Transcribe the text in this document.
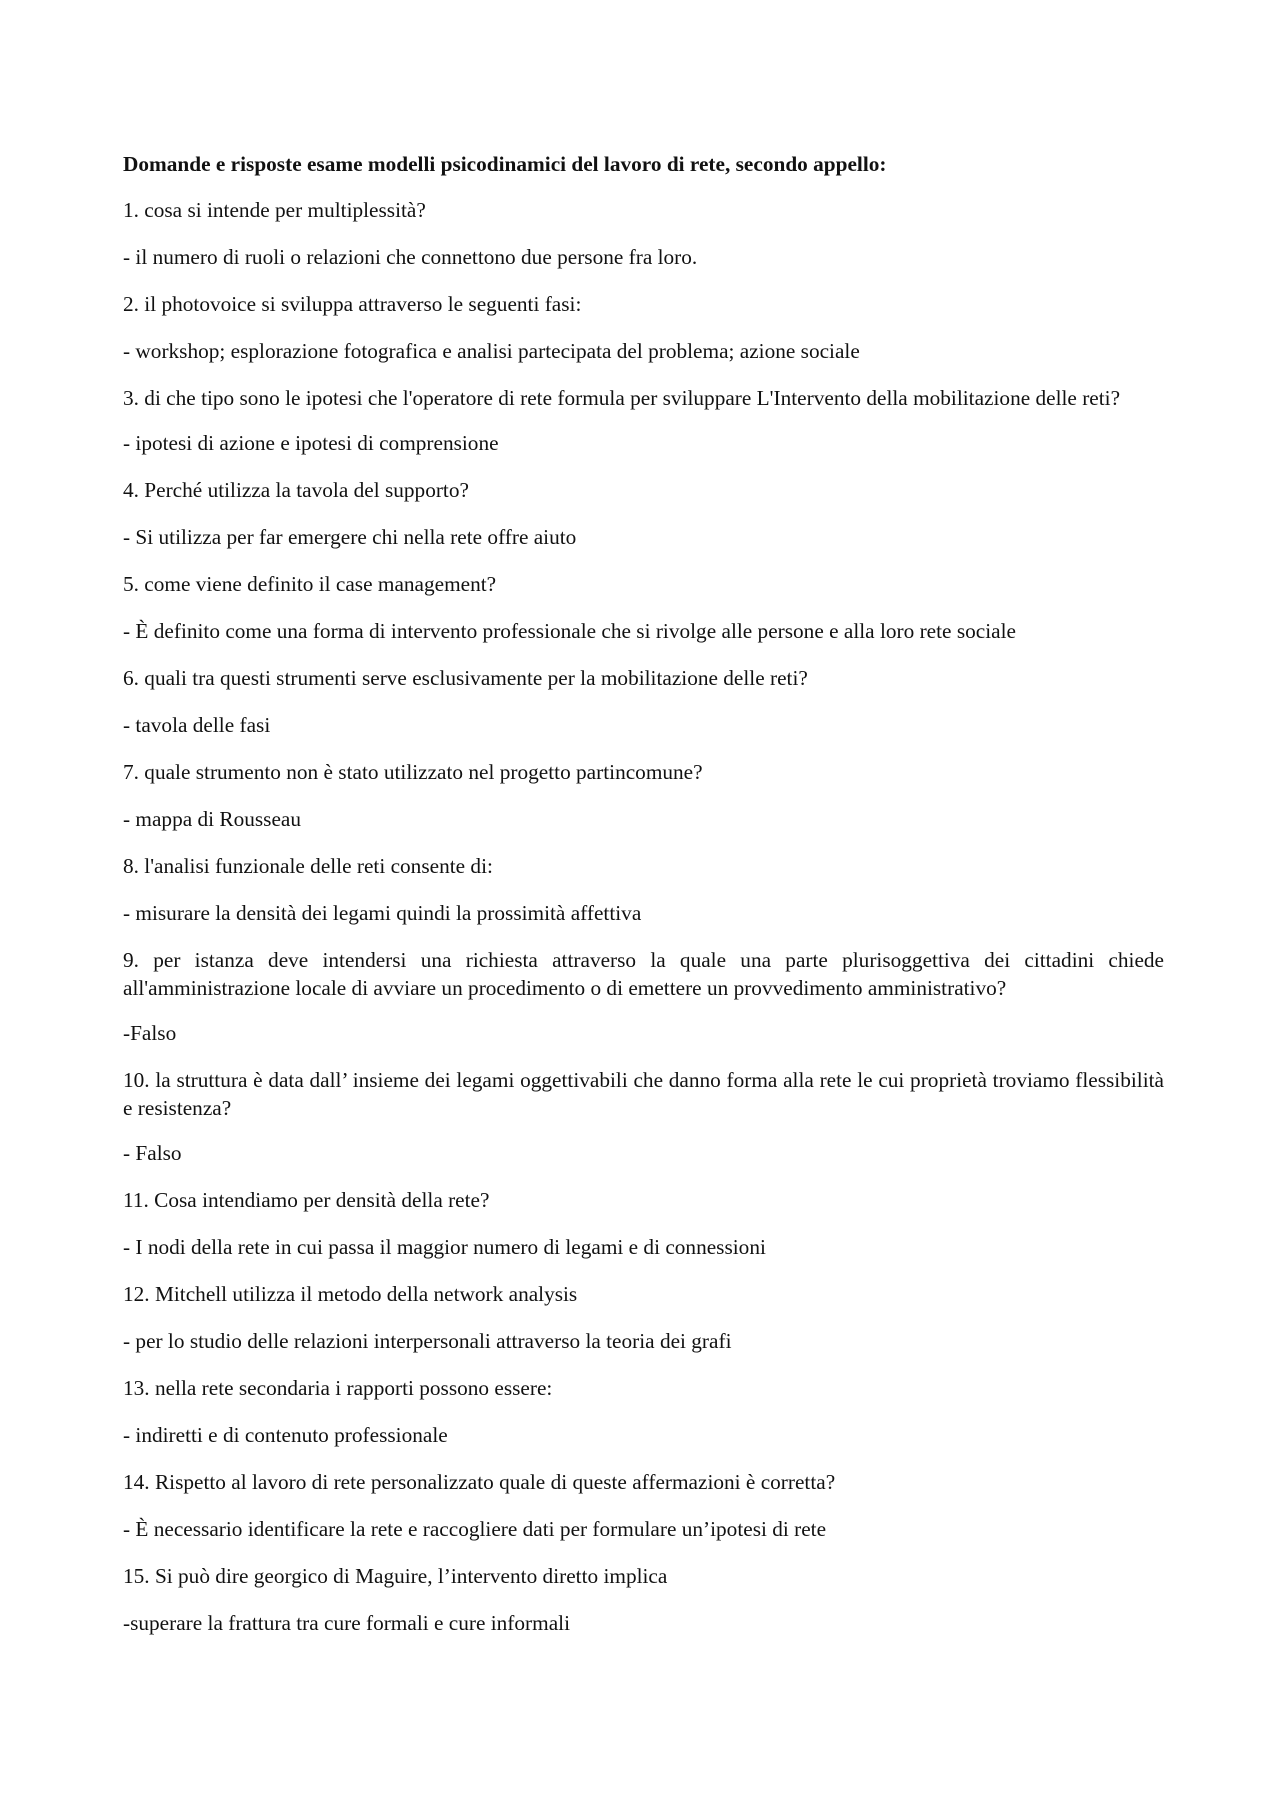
Domande e risposte esame modelli psicodinamici del lavoro di rete, secondo appello:

1. cosa si intende per multiplessità?

- il numero di ruoli o relazioni che connettono due persone fra loro.

2. il photovoice si sviluppa attraverso le seguenti fasi:

- workshop; esplorazione fotografica e analisi partecipata del problema; azione sociale

3. di che tipo sono le ipotesi che l'operatore di rete formula per sviluppare L'Intervento della mobilitazione delle reti?

- ipotesi di azione e ipotesi di comprensione

4. Perché utilizza la tavola del supporto?

- Si utilizza per far emergere chi nella rete offre aiuto

5. come viene definito il case management?

- È definito come una forma di intervento professionale che si rivolge alle persone e alla loro rete sociale

6. quali tra questi strumenti serve esclusivamente per la mobilitazione delle reti?

- tavola delle fasi

7. quale strumento non è stato utilizzato nel progetto partincomune?

- mappa di Rousseau

8. l'analisi funzionale delle reti consente di:

- misurare la densità dei legami quindi la prossimità affettiva

9. per istanza deve intendersi una richiesta attraverso la quale una parte plurisoggettiva dei cittadini chiede all'amministrazione locale di avviare un procedimento o di emettere un provvedimento amministrativo?

-Falso

10. la struttura è data dall’ insieme dei legami oggettivabili che danno forma alla rete le cui proprietà troviamo flessibilità e resistenza?

- Falso

11. Cosa intendiamo per densità della rete?

- I nodi della rete in cui passa il maggior numero di legami e di connessioni

12. Mitchell utilizza il metodo della network analysis

- per lo studio delle relazioni interpersonali attraverso la teoria dei grafi

13. nella rete secondaria i rapporti possono essere:

- indiretti e di contenuto professionale

14. Rispetto al lavoro di rete personalizzato quale di queste affermazioni è corretta?

- È necessario identificare la rete e raccogliere dati per formulare un’ipotesi di rete

15. Si può dire georgico di Maguire, l’intervento diretto implica

-superare la frattura tra cure formali e cure informali
